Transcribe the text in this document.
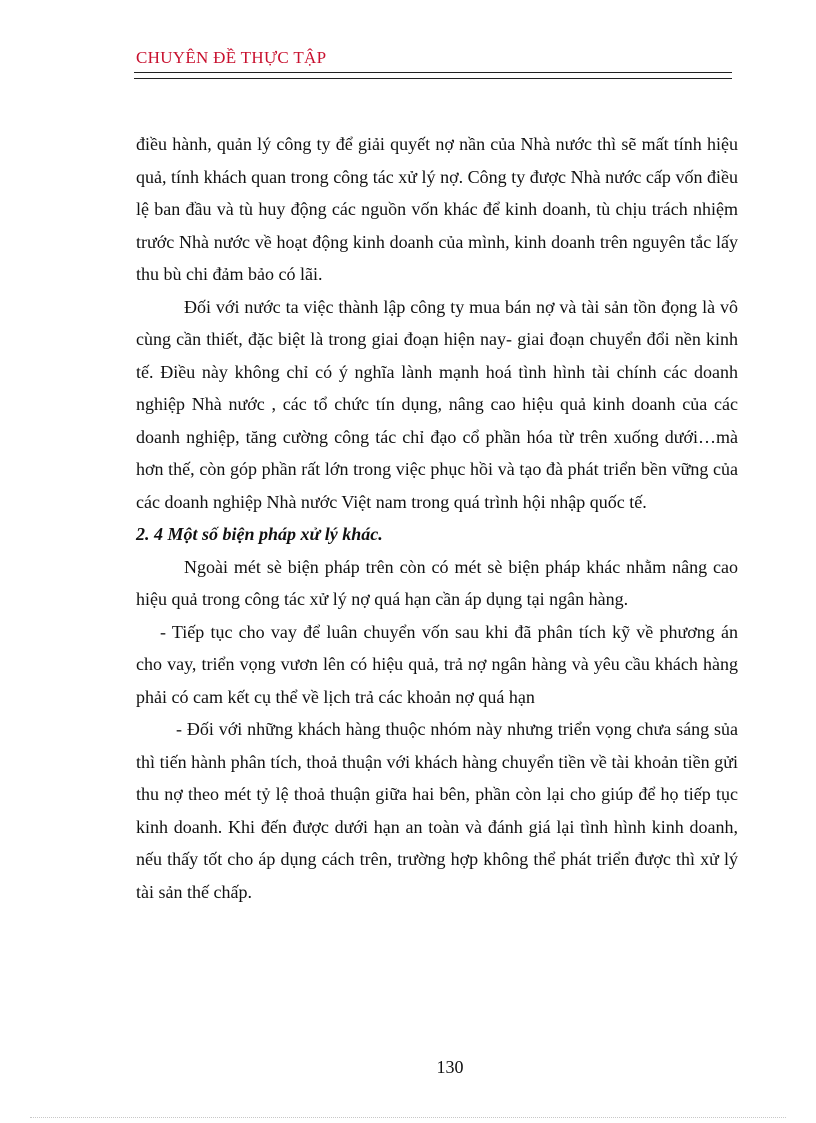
CHUYÊN ĐỀ THỰC TẬP

điều hành, quản lý công ty để giải quyết nợ nần của Nhà nước thì sẽ mất tính hiệu quả, tính khách quan trong công tác xử lý nợ. Công ty được Nhà nước cấp vốn điều lệ ban đầu và tù huy động các nguồn vốn khác để kinh doanh, tù chịu trách nhiệm trước Nhà nước về hoạt động kinh doanh của mình, kinh doanh trên nguyên tắc lấy thu bù chi đảm bảo có lãi.

Đối với nước ta việc thành lập công ty mua bán nợ và tài sản tồn đọng là vô cùng cần thiết, đặc biệt là trong giai đoạn hiện nay- giai đoạn chuyển đổi nền kinh tế. Điều này không chỉ có ý nghĩa lành mạnh hoá tình hình tài chính các doanh nghiệp Nhà nước , các tổ chức tín dụng, nâng cao hiệu quả kinh doanh của các doanh nghiệp, tăng cường công tác chỉ đạo cổ phần hóa từ trên xuống dưới…mà hơn thế, còn góp phần rất lớn trong việc phục hồi và tạo đà phát triển bền vững của các doanh nghiệp Nhà nước Việt nam trong quá trình hội nhập quốc tế.

2. 4 Một số biện pháp xử lý khác.

Ngoài mét sè biện pháp trên còn có mét sè biện pháp khác nhằm nâng cao hiệu quả trong công tác xử lý nợ quá hạn cần áp dụng tại ngân hàng.

- Tiếp tục cho vay để luân chuyển vốn sau khi đã phân tích kỹ về phương án cho vay, triển vọng vươn lên có hiệu quả, trả nợ ngân hàng và yêu cầu khách hàng phải có cam kết cụ thể về lịch trả các khoản nợ quá hạn

- Đối với những khách hàng thuộc nhóm này nhưng triển vọng chưa sáng sủa thì tiến hành phân tích, thoả thuận với khách hàng chuyển tiền về tài khoản tiền gửi thu nợ theo mét tỷ lệ thoả thuận giữa hai bên, phần còn lại cho giúp để họ tiếp tục kinh doanh. Khi đến được dưới hạn an toàn và đánh giá lại tình hình kinh doanh, nếu thấy tốt cho áp dụng cách trên, trường hợp không thể phát triển được thì xử lý tài sản thế chấp.

130
